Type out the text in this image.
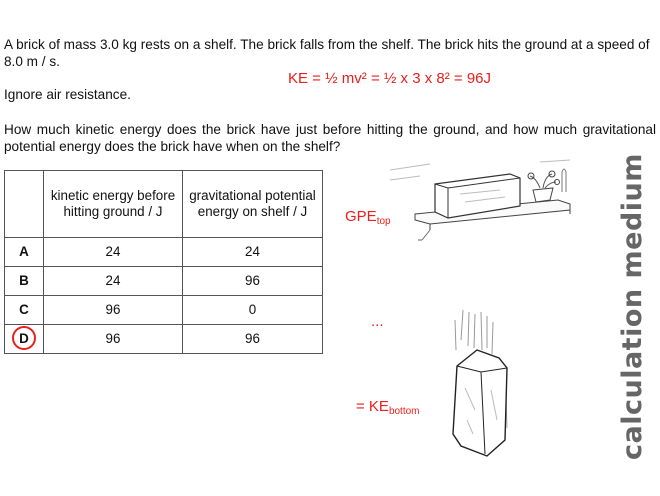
A brick of mass 3.0 kg rests on a shelf. The brick falls from the shelf. The brick hits the ground at a speed of 8.0 m / s.
Ignore air resistance.
How much kinetic energy does the brick have just before hitting the ground, and how much gravitational potential energy does the brick have when on the shelf?
KE = ½ mv² = ½ x 3 x 8² = 96J
	kinetic energy before hitting ground / J	gravitational potential energy on shelf / J
A	24	24
B	24	96
C	96	0

D	96	96
$GPE_{top}$
...
= $KE_{bottom}$	calculation medium
